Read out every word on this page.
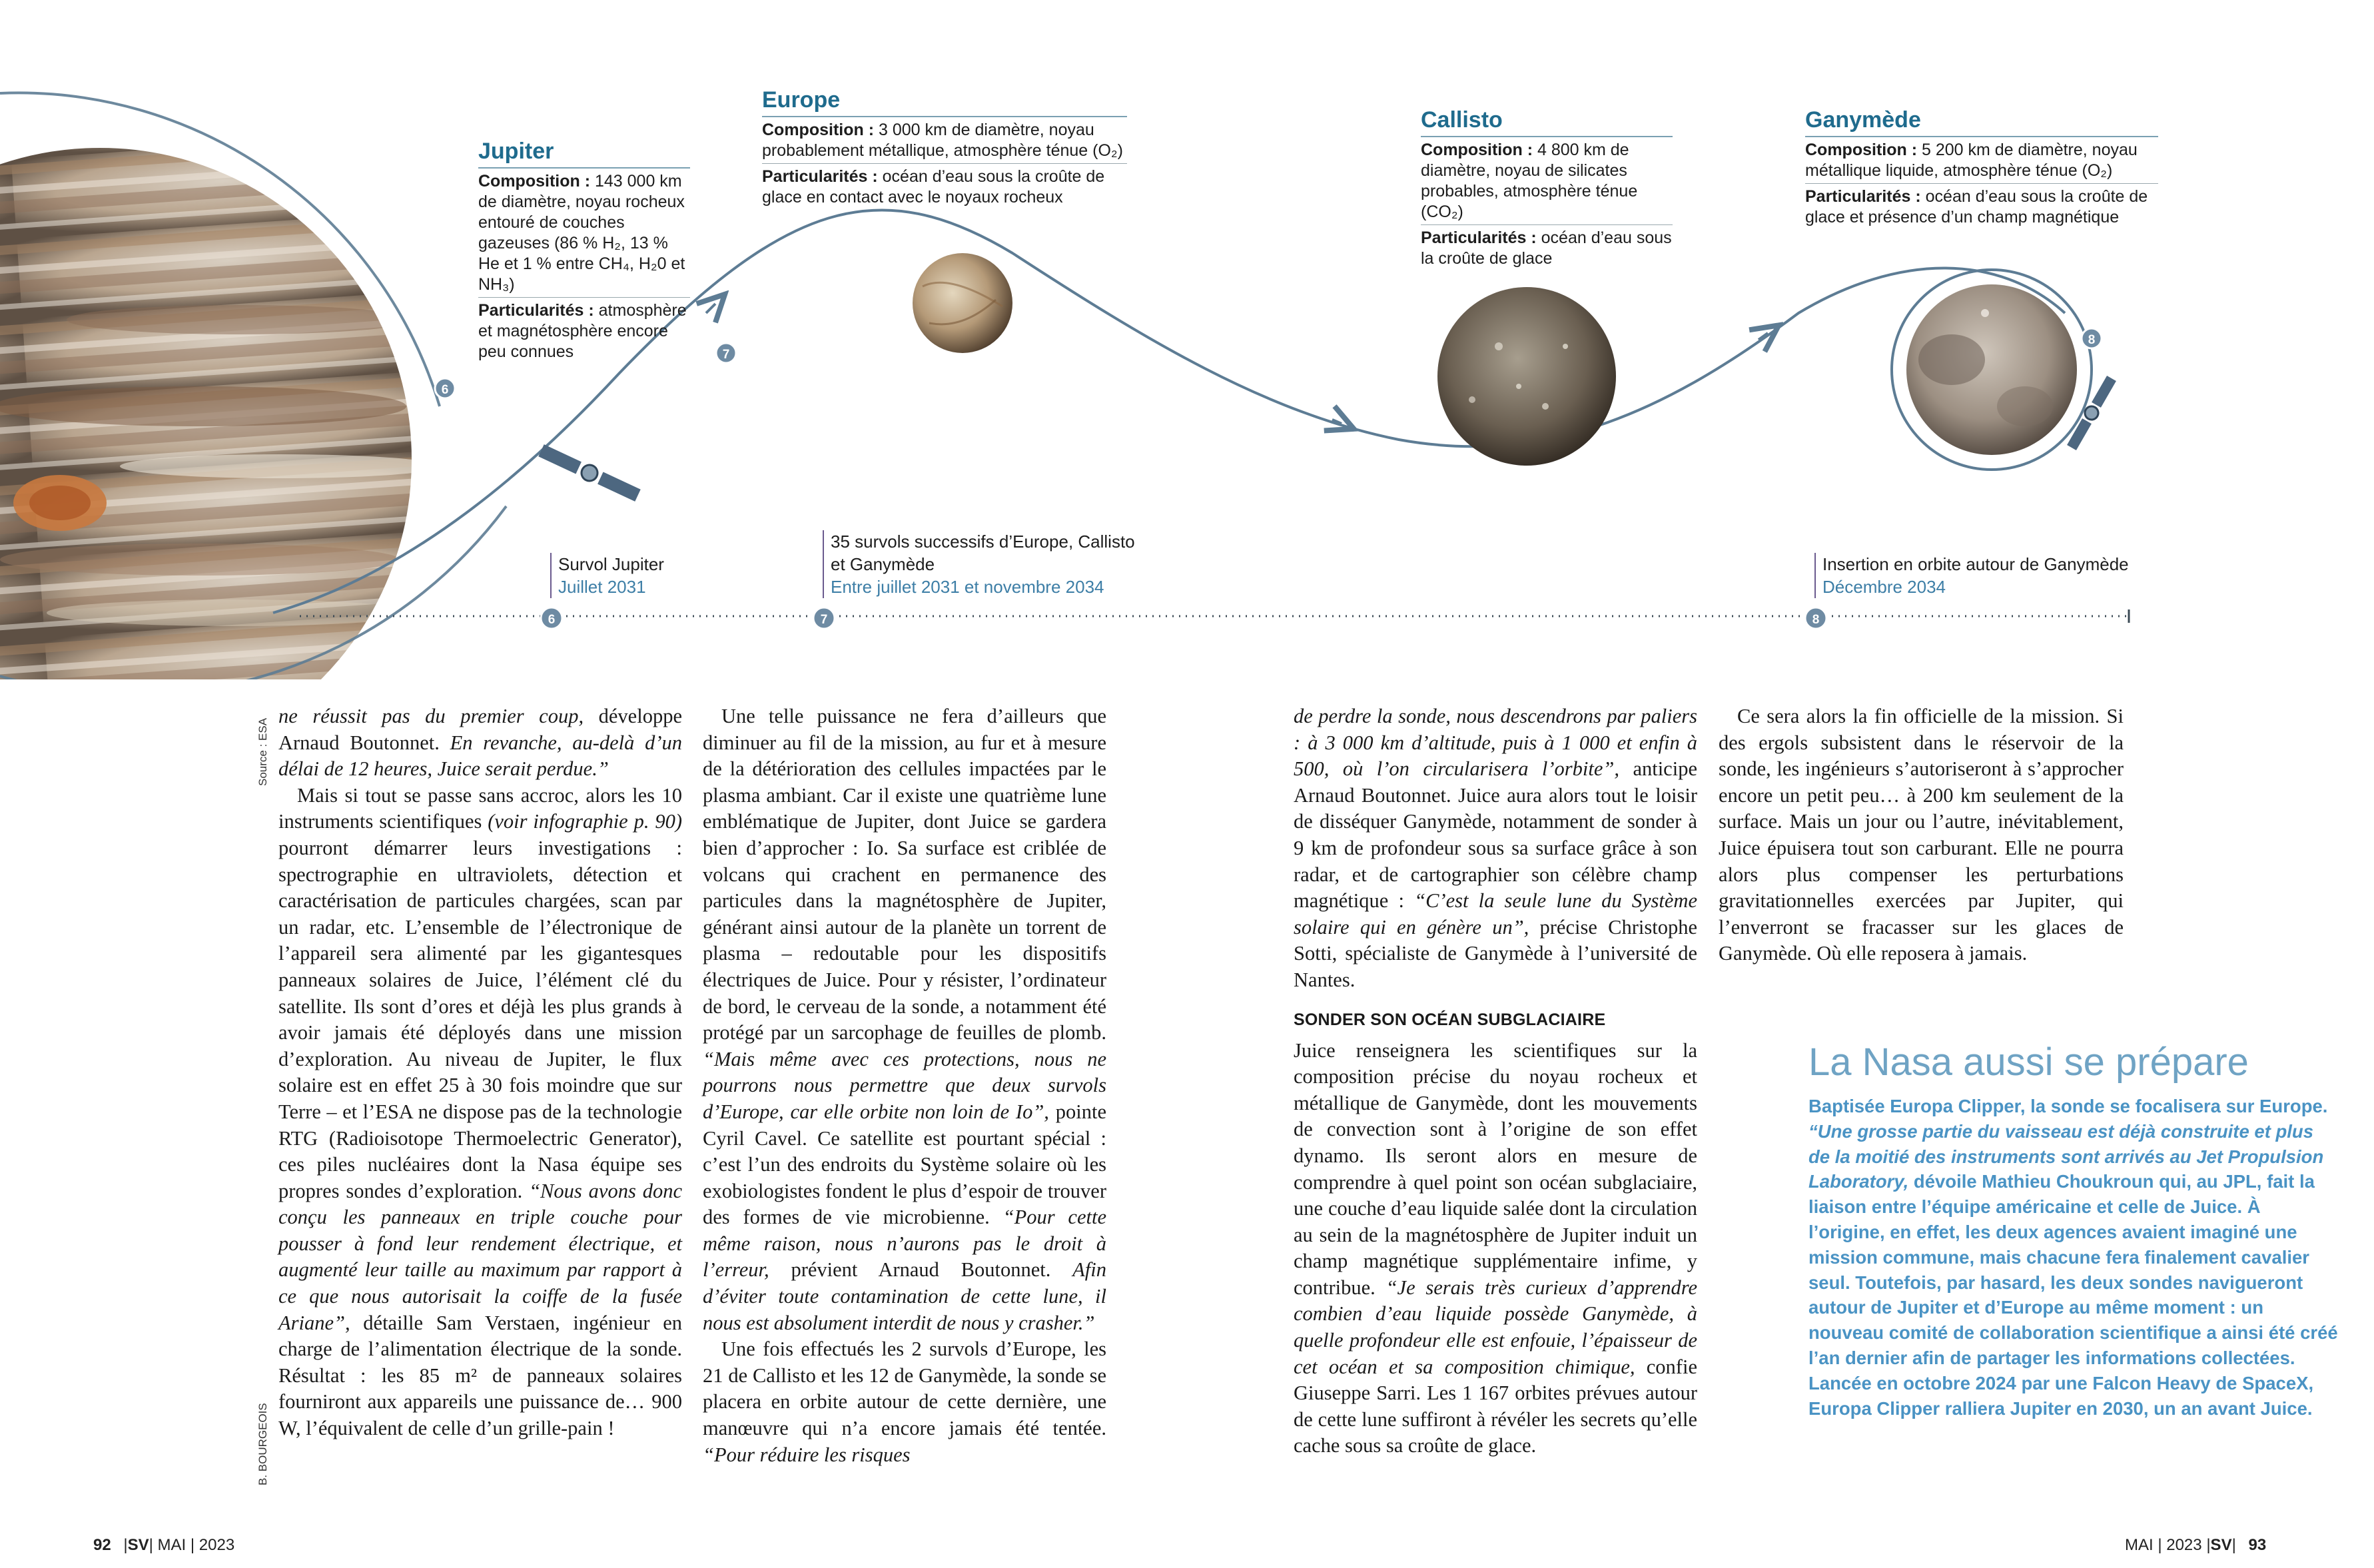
6
7
8
6	7	8
Jupiter
Composition : 143 000 km de diamètre, noyau rocheux entouré de couches gazeuses (86 % H₂, 13 % He et 1 % entre CH₄, H₂0 et NH₃)
Particularités : atmosphère et magnétosphère encore peu connues
Europe
Composition : 3 000 km de diamètre, noyau probablement métallique, atmosphère ténue (O₂)
Particularités : océan d’eau sous la croûte de glace en contact avec le noyaux rocheux
Callisto
Composition : 4 800 km de diamètre, noyau de silicates probables, atmosphère ténue (CO₂)
Particularités : océan d’eau sous la croûte de glace
Ganymède
Composition : 5 200 km de diamètre, noyau métallique liquide, atmosphère ténue (O₂)
Particularités : océan d’eau sous la croûte de glace et présence d’un champ magnétique
Survol Jupiter
Juillet 2031
35 survols successifs d’Europe, Callisto et Ganymède
Entre juillet 2031 et novembre 2034
Insertion en orbite autour de Ganymède
Décembre 2034
Source : ESA
B. BOURGEOIS

ne réussit pas du premier coup, développe Arnaud Boutonnet. En revanche, au-delà d’un délai de 12 heures, Juice serait perdue.”

Mais si tout se passe sans accroc, alors les 10 instruments scientifiques (voir infographie p. 90) pourront démarrer leurs investigations : spectrographie en ultraviolets, détection et caractérisation de particules chargées, scan par un radar, etc. L’ensemble de l’électronique de l’appareil sera alimenté par les gigantesques panneaux solaires de Juice, l’élément clé du satellite. Ils sont d’ores et déjà les plus grands à avoir jamais été déployés dans une mission d’exploration. Au niveau de Jupiter, le flux solaire est en effet 25 à 30 fois moindre que sur Terre – et l’ESA ne dispose pas de la technologie RTG (Radioisotope Thermoelectric Generator), ces piles nucléaires dont la Nasa équipe ses propres sondes d’exploration. “Nous avons donc conçu les panneaux en triple couche pour pousser à fond leur rendement électrique, et augmenté leur taille au maximum par rapport à ce que nous autorisait la coiffe de la fusée Ariane”, détaille Sam Verstaen, ingénieur en charge de l’alimentation électrique de la sonde. Résultat : les 85 m² de panneaux solaires fourniront aux appareils une puissance de… 900 W, l’équivalent de celle d’un grille-pain !

Une telle puissance ne fera d’ailleurs que diminuer au fil de la mission, au fur et à mesure de la détérioration des cellules impactées par le plasma ambiant. Car il existe une quatrième lune emblématique de Jupiter, dont Juice se gardera bien d’approcher : Io. Sa surface est criblée de volcans qui crachent en permanence des particules dans la magnétosphère de Jupiter, générant ainsi autour de la planète un torrent de plasma – redoutable pour les dispositifs électriques de Juice. Pour y résister, l’ordinateur de bord, le cerveau de la sonde, a notamment été protégé par un sarcophage de feuilles de plomb. “Mais même avec ces protections, nous ne pourrons nous permettre que deux survols d’Europe, car elle orbite non loin de Io”, pointe Cyril Cavel. Ce satellite est pourtant spécial : c’est l’un des endroits du Système solaire où les exobiologistes fondent le plus d’espoir de trouver des formes de vie microbienne. “Pour cette même raison, nous n’aurons pas le droit à l’erreur, prévient Arnaud Boutonnet. Afin d’éviter toute contamination de cette lune, il nous est absolument interdit de nous y crasher.”

Une fois effectués les 2 survols d’Europe, les 21 de Callisto et les 12 de Ganymède, la sonde se placera en orbite autour de cette dernière, une manœuvre qui n’a encore jamais été tentée. “Pour réduire les risques

de perdre la sonde, nous descendrons par paliers : à 3 000 km d’altitude, puis à 1 000 et enfin à 500, où l’on circularisera l’orbite”, anticipe Arnaud Boutonnet. Juice aura alors tout le loisir de disséquer Ganymède, notamment de sonder à 9 km de profondeur sous sa surface grâce à son radar, et de cartographier son célèbre champ magnétique : “C’est la seule lune du Système solaire qui en génère un”, précise Christophe Sotti, spécialiste de Ganymède à l’université de Nantes.

SONDER SON OCÉAN SUBGLACIAIRE

Juice renseignera les scientifiques sur la composition précise du noyau rocheux et métallique de Ganymède, dont les mouvements de convection sont à l’origine de son effet dynamo. Ils seront alors en mesure de comprendre à quel point son océan subglaciaire, une couche d’eau liquide salée dont la circulation au sein de la magnétosphère de Jupiter induit un champ magnétique supplémentaire infime, y contribue. “Je serais très curieux d’apprendre combien d’eau liquide possède Ganymède, à quelle profondeur elle est enfouie, l’épaisseur de cet océan et sa composition chimique, confie Giuseppe Sarri. Les 1 167 orbites prévues autour de cette lune suffiront à révéler les secrets qu’elle cache sous sa croûte de glace.

Ce sera alors la fin officielle de la mission. Si des ergols subsistent dans le réservoir de la sonde, les ingénieurs s’autoriseront à s’approcher encore un petit peu… à 200 km seulement de la surface. Mais un jour ou l’autre, inévitablement, Juice épuisera tout son carburant. Elle ne pourra alors plus compenser les perturbations gravitationnelles exercées par Jupiter, qui l’enverront se fracasser sur les glaces de Ganymède. Où elle reposera à jamais.

La Nasa aussi se prépare
Baptisée Europa Clipper, la sonde se focalisera sur Europe. “Une grosse partie du vaisseau est déjà construite et plus de la moitié des instruments sont arrivés au Jet Propulsion Laboratory, dévoile Mathieu Choukroun qui, au JPL, fait la liaison entre l’équipe américaine et celle de Juice. À l’origine, en effet, les deux agences avaient imaginé une mission commune, mais chacune fera finalement cavalier seul. Toutefois, par hasard, les deux sondes navigueront autour de Jupiter et d’Europe au même moment : un nouveau comité de collaboration scientifique a ainsi été créé l’an dernier afin de partager les informations collectées. Lancée en octobre 2024 par une Falcon Heavy de SpaceX, Europa Clipper ralliera Jupiter en 2030, un an avant Juice.
92 |SV| MAI | 2023	MAI | 2023 |SV| 93
